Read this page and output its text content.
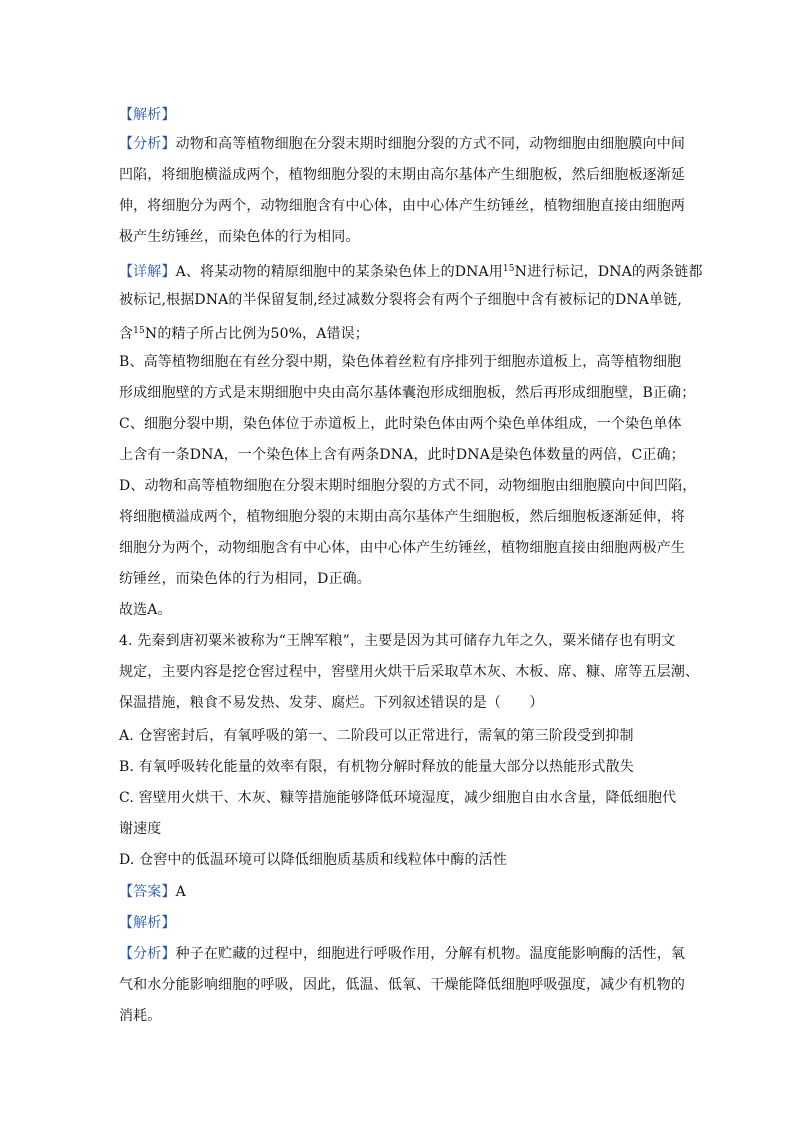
【解析】
【分析】动物和高等植物细胞在分裂末期时细胞分裂的方式不同，动物细胞由细胞膜向中间
凹陷，将细胞横溢成两个，植物细胞分裂的末期由高尔基体产生细胞板，然后细胞板逐渐延
伸，将细胞分为两个，动物细胞含有中心体，由中心体产生纺锤丝，植物细胞直接由细胞两
极产生纺锤丝，而染色体的行为相同。
【详解】A、将某动物的精原细胞中的某条染色体上的DNA用$^{15}$N进行标记，DNA的两条链都
被标记,根据DNA的半保留复制,经过减数分裂将会有两个子细胞中含有被标记的DNA单链,
含$^{15}$N的精子所占比例为50%，A错误；
B、高等植物细胞在有丝分裂中期，染色体着丝粒有序排列于细胞赤道板上，高等植物细胞
形成细胞壁的方式是末期细胞中央由高尔基体囊泡形成细胞板，然后再形成细胞壁，B正确；
C、细胞分裂中期，染色体位于赤道板上，此时染色体由两个染色单体组成，一个染色单体
上含有一条DNA，一个染色体上含有两条DNA，此时DNA是染色体数量的两倍，C正确；
D、动物和高等植物细胞在分裂末期时细胞分裂的方式不同，动物细胞由细胞膜向中间凹陷，
将细胞横溢成两个，植物细胞分裂的末期由高尔基体产生细胞板，然后细胞板逐渐延伸，将
细胞分为两个，动物细胞含有中心体，由中心体产生纺锤丝，植物细胞直接由细胞两极产生
纺锤丝，而染色体的行为相同，D正确。
故选A。
4. 先秦到唐初粟米被称为“王牌军粮”，主要是因为其可储存九年之久，粟米储存也有明文
规定，主要内容是挖仓窖过程中，窖壁用火烘干后采取草木灰、木板、席、糠、席等五层潮、
保温措施，粮食不易发热、发芽、腐烂。下列叙述错误的是（　　）
A. 仓窖密封后，有氧呼吸的第一、二阶段可以正常进行，需氧的第三阶段受到抑制
B. 有氧呼吸转化能量的效率有限，有机物分解时释放的能量大部分以热能形式散失
C. 窖壁用火烘干、木灰、糠等措施能够降低环境湿度，减少细胞自由水含量，降低细胞代
谢速度
D. 仓窖中的低温环境可以降低细胞质基质和线粒体中酶的活性
【答案】A
【解析】
【分析】种子在贮藏的过程中，细胞进行呼吸作用，分解有机物。温度能影响酶的活性，氧
气和水分能影响细胞的呼吸，因此，低温、低氧、干燥能降低细胞呼吸强度，减少有机物的
消耗。
